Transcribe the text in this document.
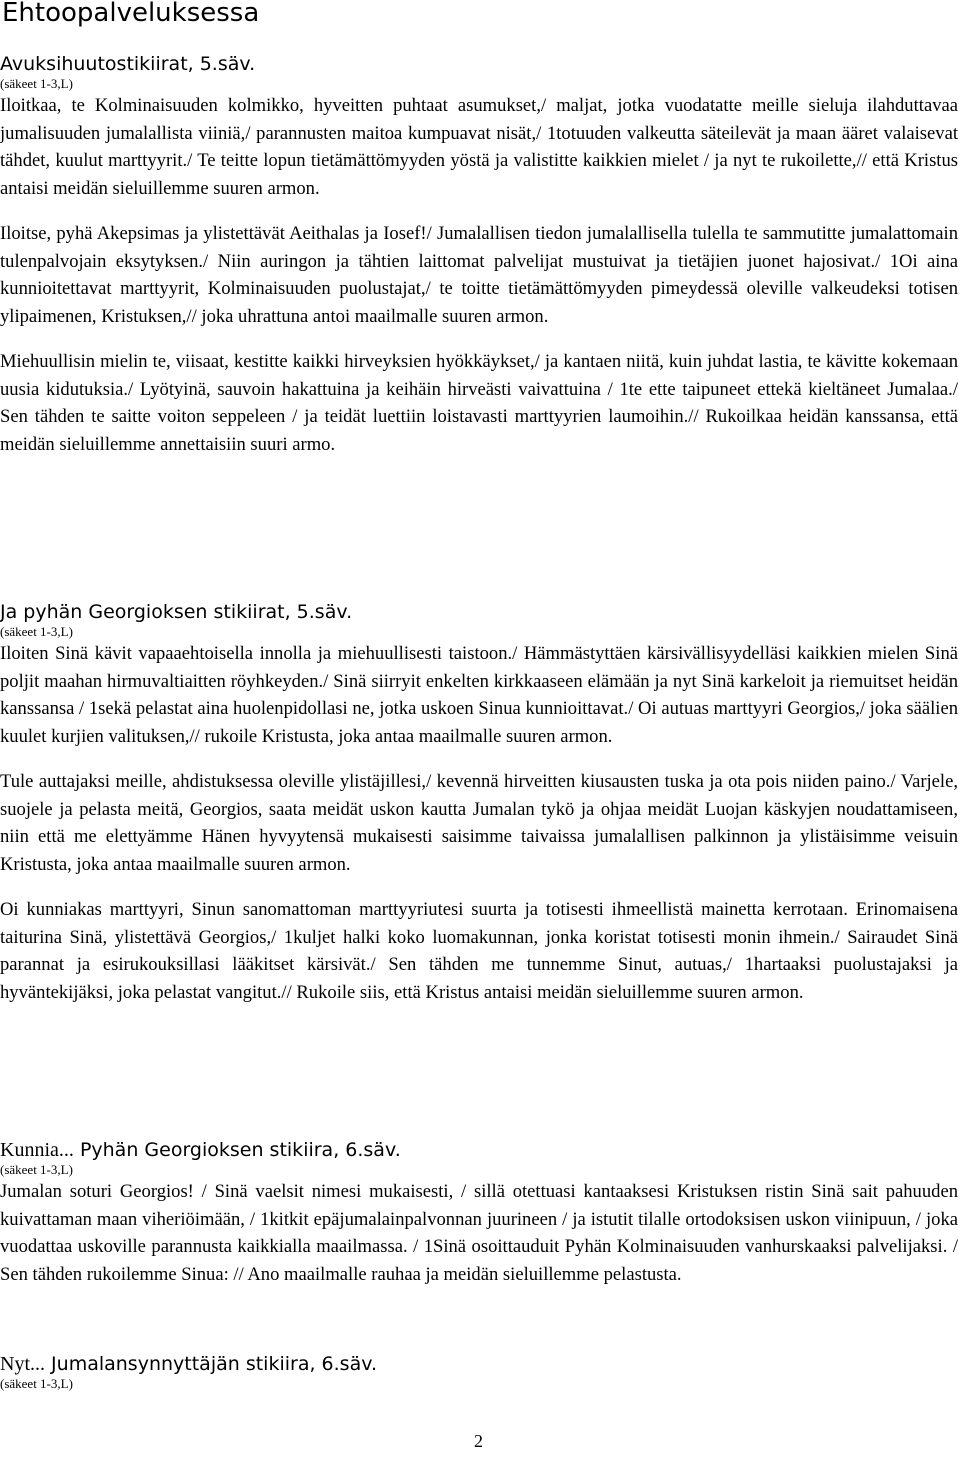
Ehtoopalveluksessa

Avuksihuutostikiirat, 5.säv.

(säkeet 1-3,L)

Iloitkaa, te Kolminaisuuden kolmikko, hyveitten puhtaat asumukset,/ maljat, jotka vuodatatte meille sieluja ilahduttavaa jumalisuuden jumalallista viiniä,/ parannusten maitoa kumpuavat nisät,/ 1totuuden valkeutta säteilevät ja maan ääret valaisevat tähdet, kuulut marttyyrit./ Te teitte lopun tietämättömyyden yöstä ja valistitte kaikkien mielet / ja nyt te rukoilette,// että Kristus antaisi meidän sieluillemme suuren armon.

Iloitse, pyhä Akepsimas ja ylistettävät Aeithalas ja Iosef!/ Jumalallisen tiedon jumalallisella tulella te sammutitte jumalattomain tulenpalvojain eksytyksen./ Niin auringon ja tähtien laittomat palvelijat mustuivat ja tietäjien juonet hajosivat./ 1Oi aina kunnioitettavat marttyyrit, Kolminaisuuden puolustajat,/ te toitte tietämättömyyden pimeydessä oleville valkeudeksi totisen ylipaimenen, Kristuksen,// joka uhrattuna antoi maailmalle suuren armon.

Miehuullisin mielin te, viisaat, kestitte kaikki hirveyksien hyökkäykset,/ ja kantaen niitä, kuin juhdat lastia, te kävitte kokemaan uusia kidutuksia./ Lyötyinä, sauvoin hakattuina ja keihäin hirveästi vaivattuina / 1te ette taipuneet ettekä kieltäneet Jumalaa./ Sen tähden te saitte voiton seppeleen / ja teidät luettiin loistavasti marttyyrien laumoihin.// Rukoilkaa heidän kanssansa, että meidän sieluillemme annettaisiin suuri armo.

Ja pyhän Georgioksen stikiirat, 5.säv.

(säkeet 1-3,L)

Iloiten Sinä kävit vapaaehtoisella innolla ja miehuullisesti taistoon./ Hämmästyttäen kärsivällisyydelläsi kaikkien mielen Sinä poljit maahan hirmuvaltiaitten röyhkeyden./ Sinä siirryit enkelten kirkkaaseen elämään ja nyt Sinä karkeloit ja riemuitset heidän kanssansa / 1sekä pelastat aina huolenpidollasi ne, jotka uskoen Sinua kunnioittavat./ Oi autuas marttyyri Georgios,/ joka säälien kuulet kurjien valituksen,// rukoile Kristusta, joka antaa maailmalle suuren armon.

Tule auttajaksi meille, ahdistuksessa oleville ylistäjillesi,/ kevennä hirveitten kiusausten tuska ja ota pois niiden paino./ Varjele, suojele ja pelasta meitä, Georgios, saata meidät uskon kautta Jumalan tykö ja ohjaa meidät Luojan käskyjen noudattamiseen, niin että me elettyämme Hänen hyvyytensä mukaisesti saisimme taivaissa jumalallisen palkinnon ja ylistäisimme veisuin Kristusta, joka antaa maailmalle suuren armon.

Oi kunniakas marttyyri, Sinun sanomattoman marttyyriutesi suurta ja totisesti ihmeellistä mainetta kerrotaan. Erinomaisena taiturina Sinä, ylistettävä Georgios,/ 1kuljet halki koko luomakunnan, jonka koristat totisesti monin ihmein./ Sairaudet Sinä parannat ja esirukouksillasi lääkitset kärsivät./ Sen tähden me tunnemme Sinut, autuas,/ 1hartaaksi puolustajaksi ja hyväntekijäksi, joka pelastat vangitut.// Rukoile siis, että Kristus antaisi meidän sieluillemme suuren armon.

Kunnia... Pyhän Georgioksen stikiira, 6.säv.

(säkeet 1-3,L)

Jumalan soturi Georgios! / Sinä vaelsit nimesi mukaisesti, / sillä otettuasi kantaaksesi Kristuksen ristin Sinä sait pahuuden kuivattaman maan viheriöimään, / 1kitkit epäjumalainpalvonnan juurineen / ja istutit tilalle ortodoksisen uskon viinipuun, / joka vuodattaa uskoville parannusta kaikkialla maailmassa. / 1Sinä osoittauduit Pyhän Kolminaisuuden vanhurskaaksi palvelijaksi. / Sen tähden rukoilemme Sinua: // Ano maailmalle rauhaa ja meidän sieluillemme pelastusta.

Nyt... Jumalansynnyttäjän stikiira, 6.säv.

(säkeet 1-3,L)

2
